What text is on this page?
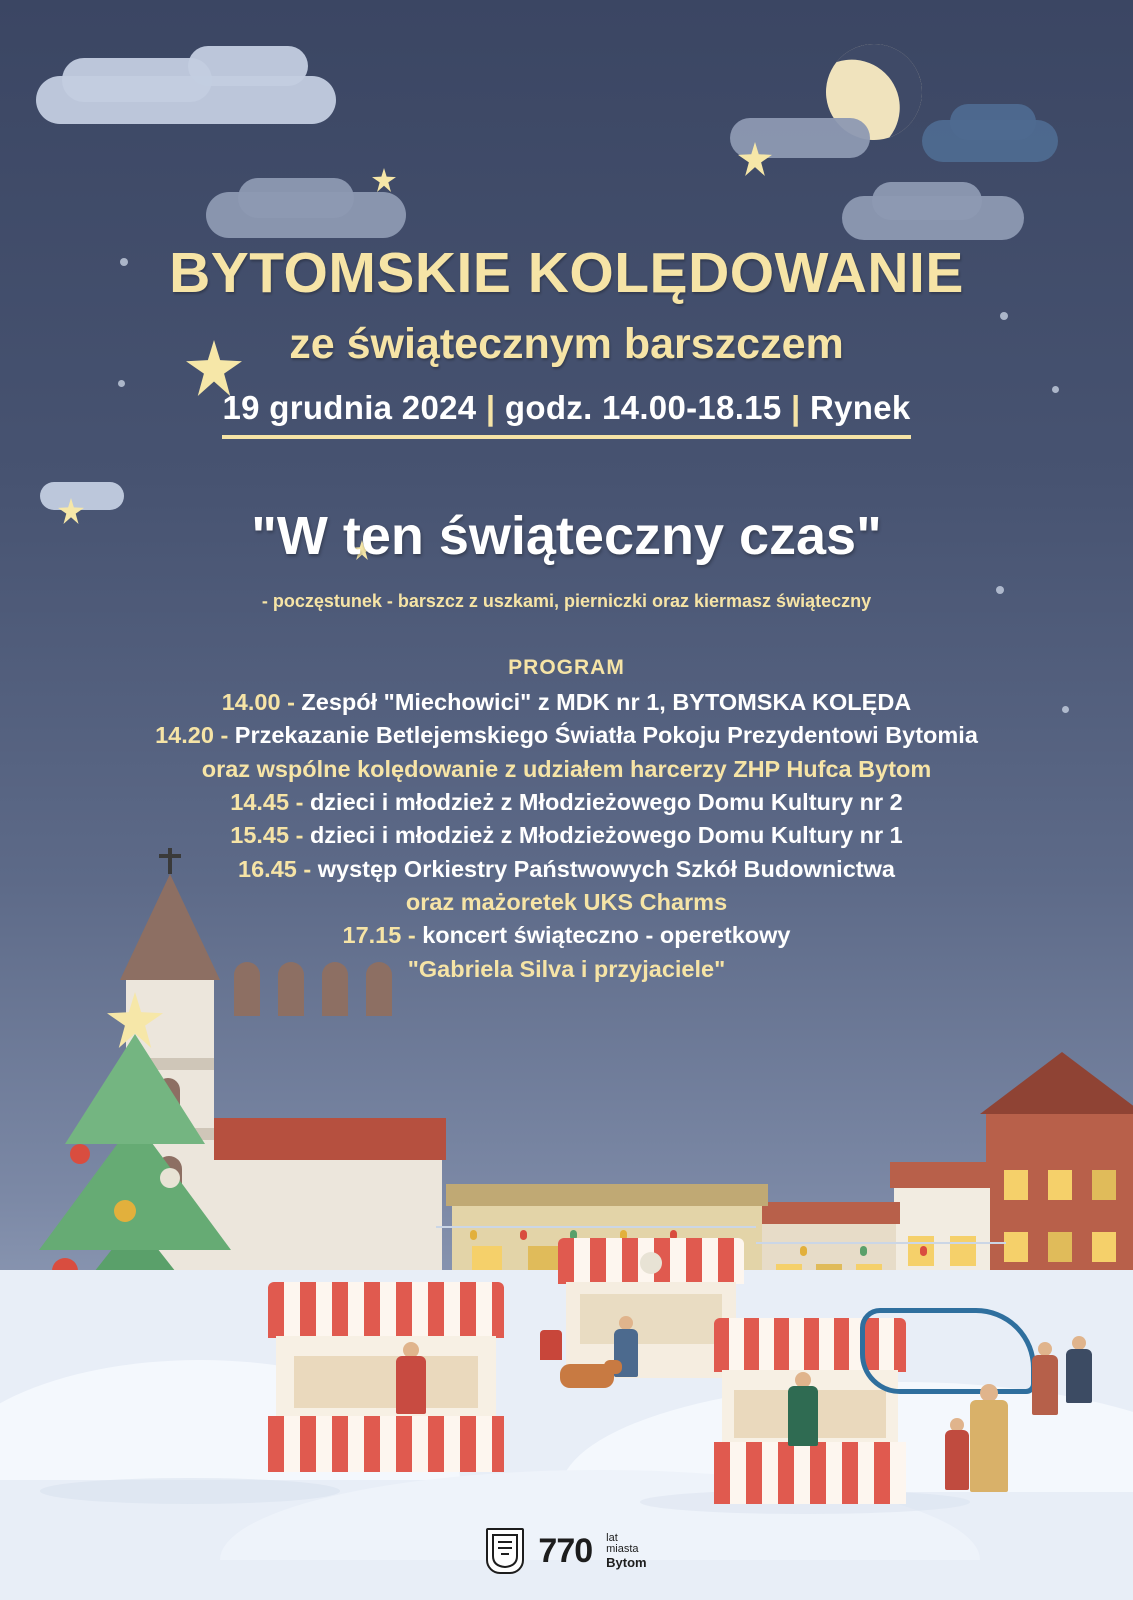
BYTOMSKIE KOLĘDOWANIE
ze świątecznym barszczem
19 grudnia 2024 | godz. 14.00-18.15 | Rynek
"W ten świąteczny czas"
- poczęstunek - barszcz z uszkami, pierniczki oraz kiermasz świąteczny
PROGRAM
14.00 - Zespół "Miechowici" z MDK nr 1, BYTOMSKA KOLĘDA
14.20 - Przekazanie Betlejemskiego Światła Pokoju Prezydentowi Bytomia
oraz wspólne kolędowanie z udziałem harcerzy ZHP Hufca Bytom
14.45 - dzieci i młodzież z Młodzieżowego Domu Kultury nr 2
15.45 - dzieci i młodzież z Młodzieżowego Domu Kultury nr 1
16.45 - występ Orkiestry Państwowych Szkół Budownictwa
oraz mażoretek UKS Charms
17.15 - koncert świąteczno - operetkowy
"Gabriela Silva i przyjaciele"
770 lat
miasta
Bytom
